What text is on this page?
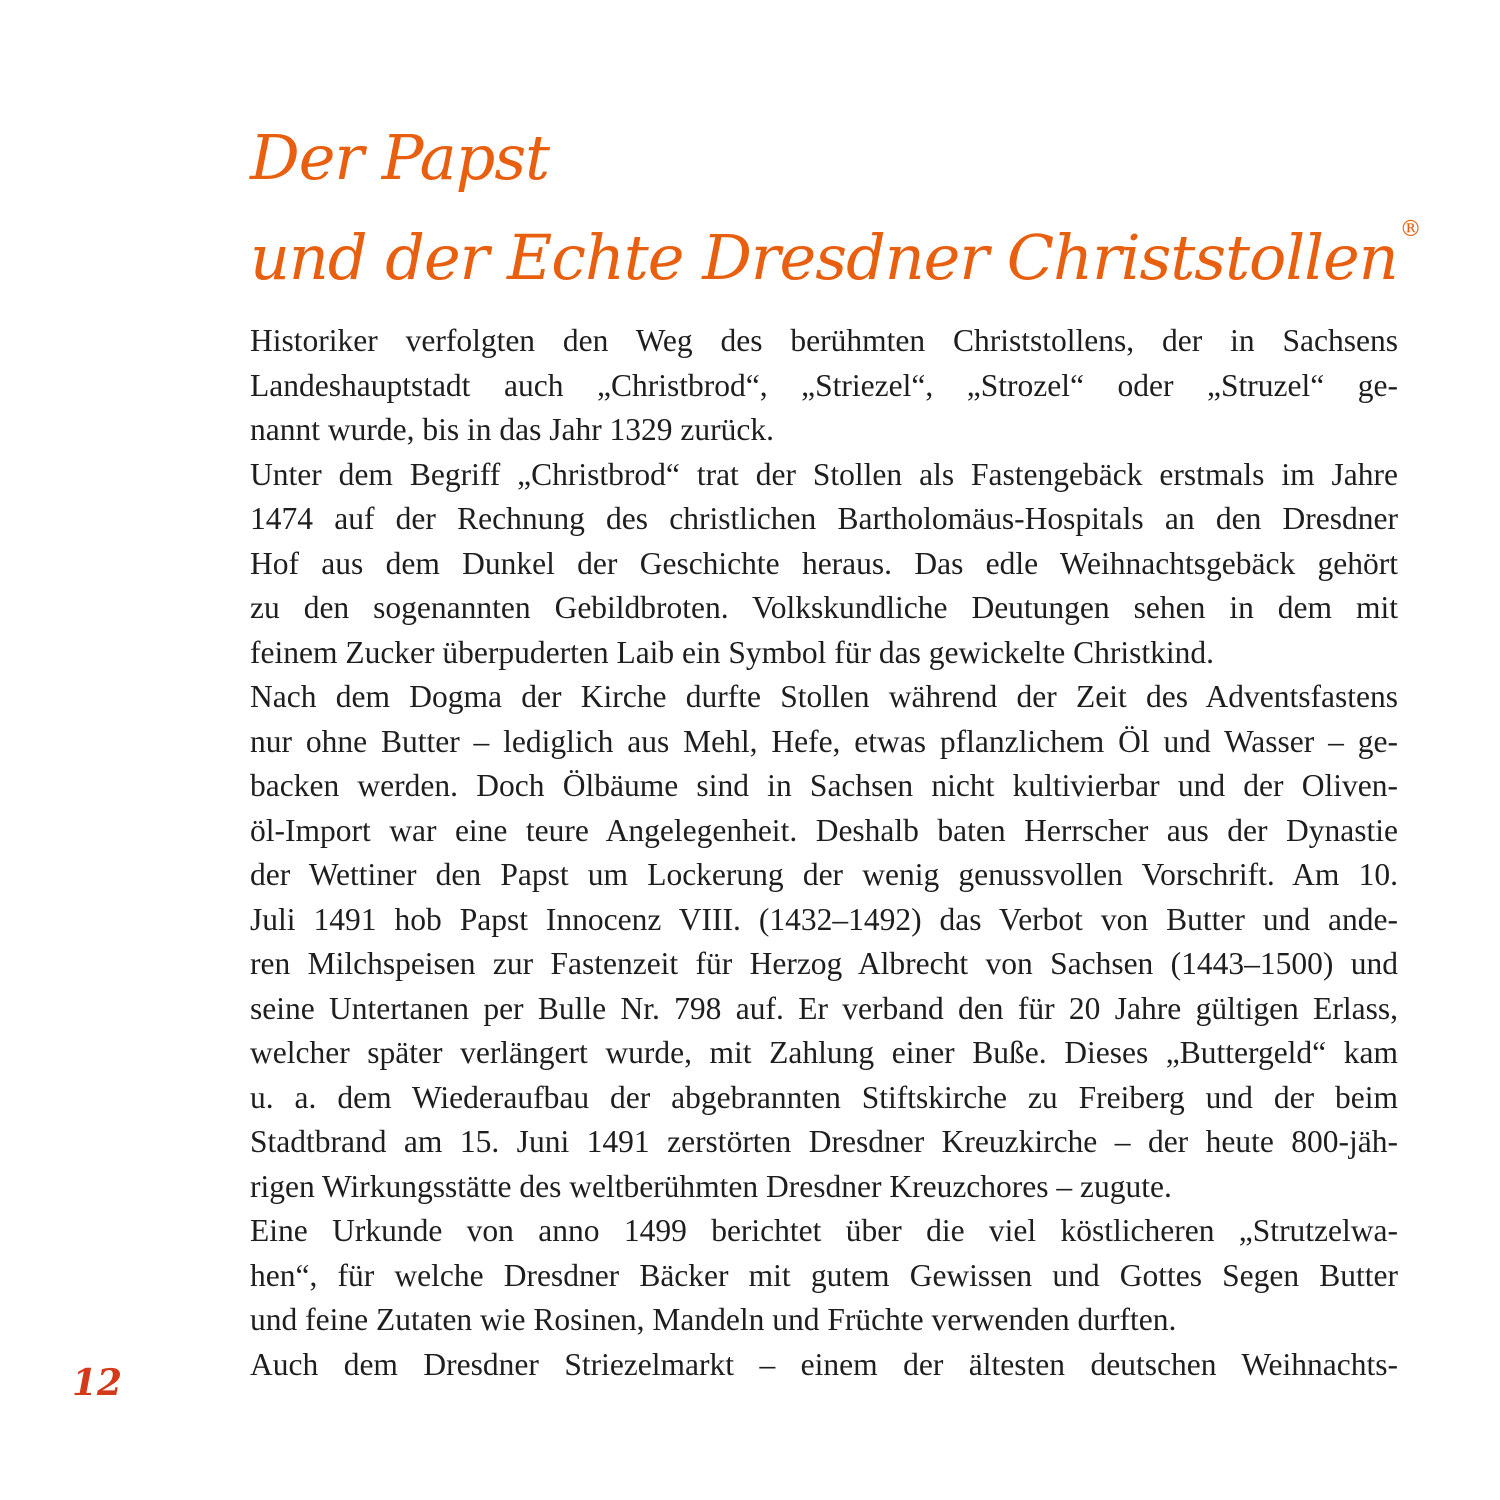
Der Papst
und der Echte Dresdner Christstollen®

Historiker verfolgten den Weg des berühmten Christstollens, der in Sachsens
Landeshauptstadt auch „Christbrod“, „Striezel“, „Strozel“ oder „Struzel“ ge-
nannt wurde, bis in das Jahr 1329 zurück.

Unter dem Begriff „Christbrod“ trat der Stollen als Fastengebäck erstmals im Jahre
1474 auf der Rechnung des christlichen Bartholomäus-Hospitals an den Dresdner
Hof aus dem Dunkel der Geschichte heraus. Das edle Weihnachtsgebäck gehört
zu den sogenannten Gebildbroten. Volkskundliche Deutungen sehen in dem mit
feinem Zucker überpuderten Laib ein Symbol für das gewickelte Christkind.

Nach dem Dogma der Kirche durfte Stollen während der Zeit des Adventsfastens
nur ohne Butter – lediglich aus Mehl, Hefe, etwas pflanzlichem Öl und Wasser – ge-
backen werden. Doch Ölbäume sind in Sachsen nicht kultivierbar und der Oliven-
öl-Import war eine teure Angelegenheit. Deshalb baten Herrscher aus der Dynastie
der Wettiner den Papst um Lockerung der wenig genussvollen Vorschrift. Am 10.
Juli 1491 hob Papst Innocenz VIII. (1432–1492) das Verbot von Butter und ande-
ren Milchspeisen zur Fastenzeit für Herzog Albrecht von Sachsen (1443–1500) und
seine Untertanen per Bulle Nr. 798 auf. Er verband den für 20 Jahre gültigen Erlass,
welcher später verlängert wurde, mit Zahlung einer Buße. Dieses „Buttergeld“ kam
u. a. dem Wiederaufbau der abgebrannten Stiftskirche zu Freiberg und der beim
Stadtbrand am 15. Juni 1491 zerstörten Dresdner Kreuzkirche – der heute 800-jäh-
rigen Wirkungsstätte des weltberühmten Dresdner Kreuzchores – zugute.

Eine Urkunde von anno 1499 berichtet über die viel köstlicheren „Strutzelwa-
hen“, für welche Dresdner Bäcker mit gutem Gewissen und Gottes Segen Butter
und feine Zutaten wie Rosinen, Mandeln und Früchte verwenden durften.

Auch dem Dresdner Striezelmarkt – einem der ältesten deutschen Weihnachts-

12
